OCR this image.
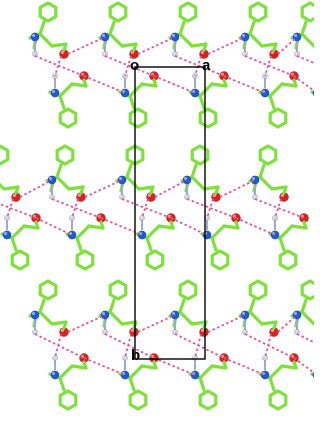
o	a
b
